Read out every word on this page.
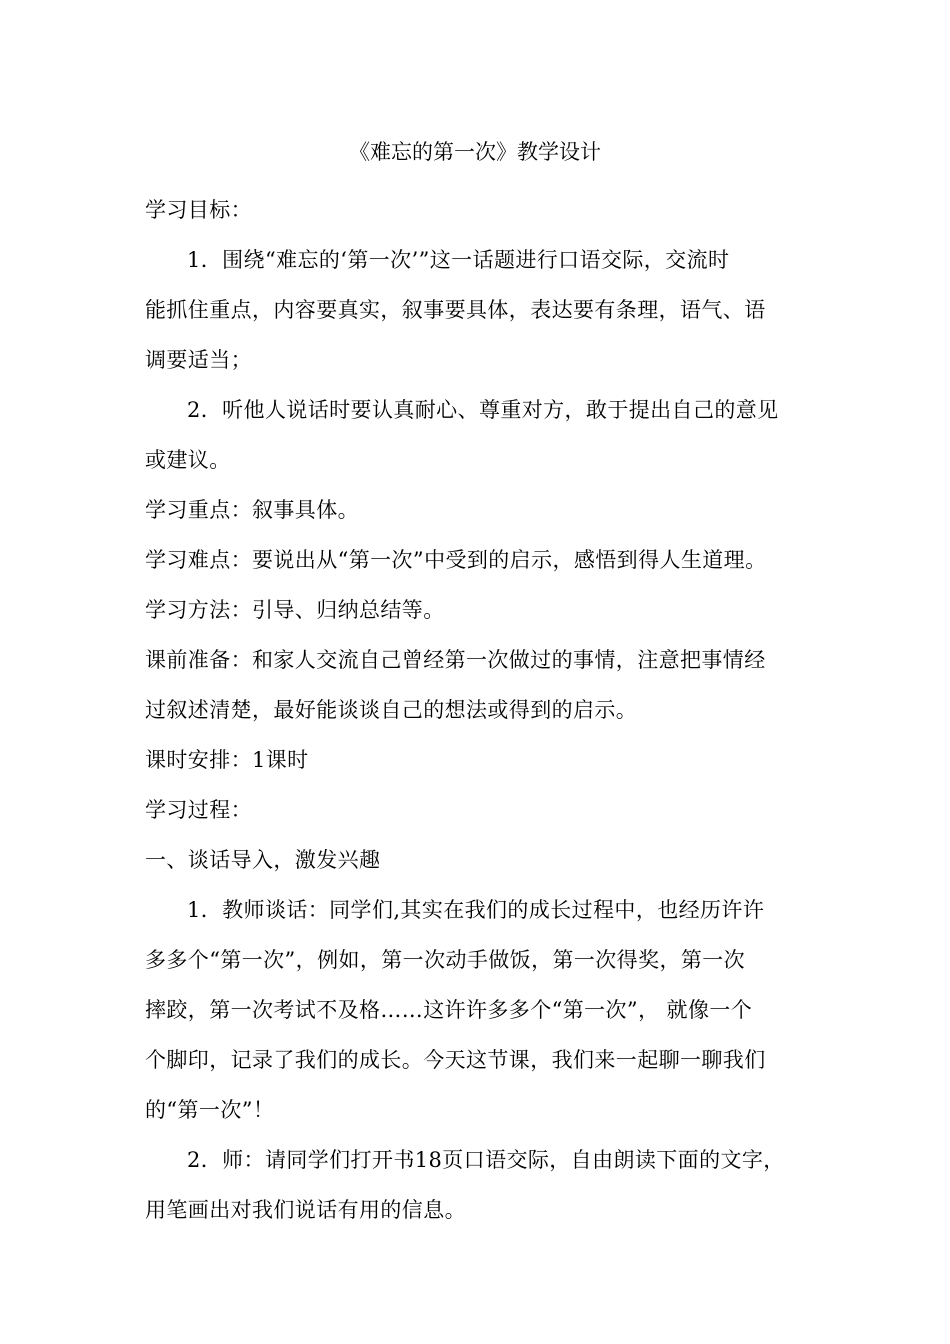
《难忘的第一次》教学设计
学习目标：
1．围绕“难忘的‘第一次’”这一话题进行口语交际，交流时
能抓住重点，内容要真实，叙事要具体，表达要有条理，语气、语
调要适当；
2．听他人说话时要认真耐心、尊重对方，敢于提出自己的意见
或建议。
学习重点：叙事具体。
学习难点：要说出从“第一次”中受到的启示，感悟到得人生道理。
学习方法：引导、归纳总结等。
课前准备：和家人交流自己曾经第一次做过的事情，注意把事情经
过叙述清楚，最好能谈谈自己的想法或得到的启示。
课时安排：1课时
学习过程：
一、谈话导入，激发兴趣
1．教师谈话：同学们,其实在我们的成长过程中，也经历许许
多多个“第一次”，例如，第一次动手做饭，第一次得奖，第一次
摔跤，第一次考试不及格……这许许多多个“第一次”， 就像一个
个脚印，记录了我们的成长。今天这节课，我们来一起聊一聊我们
的“第一次”！
2．师：请同学们打开书18页口语交际，自由朗读下面的文字，
用笔画出对我们说话有用的信息。
